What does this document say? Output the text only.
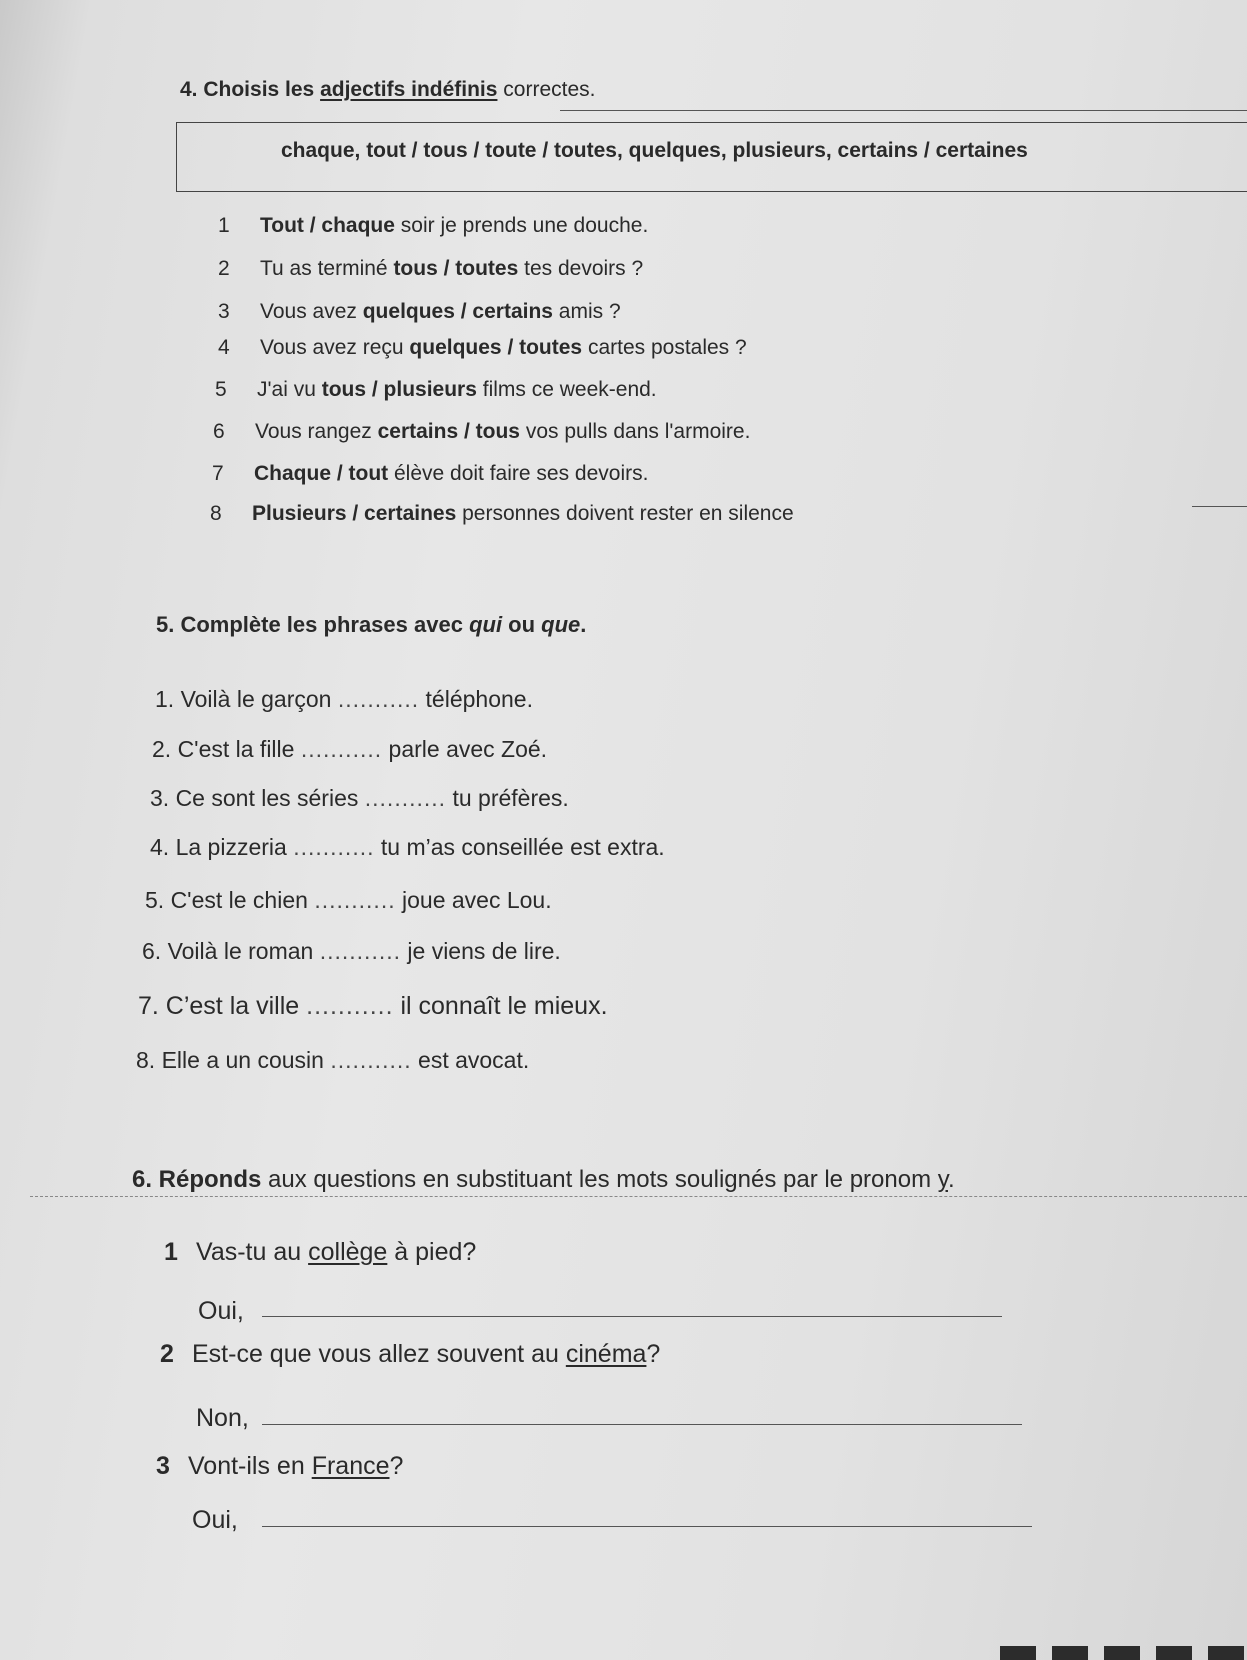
4. Choisis les adjectifs indéfinis correctes.
chaque, tout / tous / toute / toutes, quelques, plusieurs, certains / certaines
1 Tout / chaque soir je prends une douche.
2 Tu as terminé tous / toutes tes devoirs ?
3 Vous avez quelques / certains amis ?
4 Vous avez reçu quelques / toutes cartes postales ?
5 J'ai vu tous / plusieurs films ce week-end.
6 Vous rangez certains / tous vos pulls dans l'armoire.
7 Chaque / tout élève doit faire ses devoirs.
8 Plusieurs / certaines personnes doivent rester en silence
5. Complète les phrases avec qui ou que.
1. Voilà le garçon ........... téléphone.
2. C'est la fille ........... parle avec Zoé.
3. Ce sont les séries ........... tu préfères.
4. La pizzeria ........... tu m’as conseillée est extra.
5. C'est le chien ........... joue avec Lou.
6. Voilà le roman ........... je viens de lire.
7. C’est la ville ........... il connaît le mieux.
8. Elle a un cousin ........... est avocat.
6. Réponds aux questions en substituant les mots soulignés par le pronom y.
1 Vas-tu au collège à pied?
Oui,
2 Est-ce que vous allez souvent au cinéma?
Non,
3 Vont-ils en France?
Oui,
